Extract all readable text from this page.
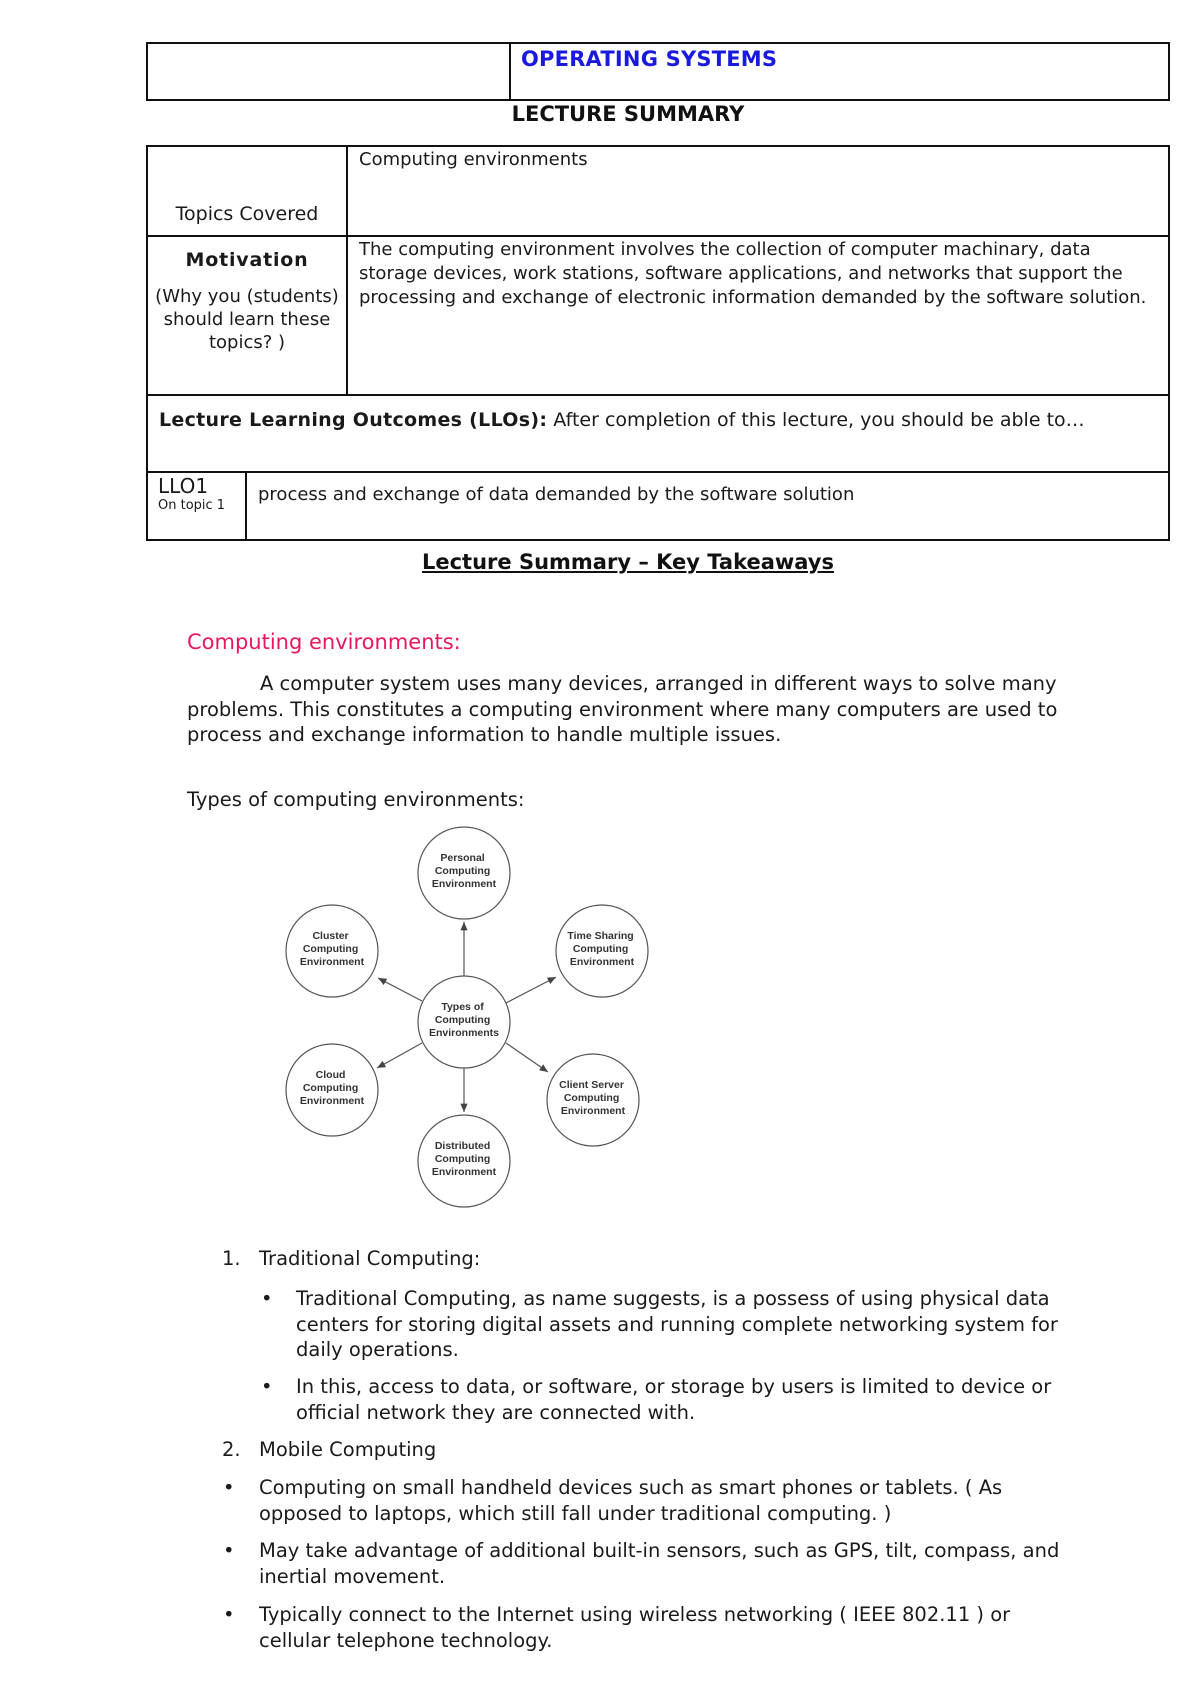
OPERATING SYSTEMS
LECTURE SUMMARY
Topics Covered
Computing environments
Motivation
(Why you (students) should learn these topics? )
The computing environment involves the collection of computer machinary, data storage devices, work stations, software applications, and networks that support the processing and exchange of electronic information demanded by the software solution.
Lecture Learning Outcomes (LLOs): After completion of this lecture, you should be able to…
LLO1
On topic 1
process and exchange of data demanded by the software solution
Lecture Summary – Key Takeaways
Computing environments:
A computer system uses many devices, arranged in different ways to solve many problems. This constitutes a computing environment where many computers are used to process and exchange information to handle multiple issues.
Types of computing environments:
Personal Computing Environment
Time Sharing Computing Environment
Client Server Computing Environment
Distributed Computing Environment
Cloud Computing Environment
Cluster Computing Environment
Types of Computing Environments
1. Traditional Computing:
• Traditional Computing, as name suggests, is a possess of using physical data centers for storing digital assets and running complete networking system for daily operations.
• In this, access to data, or software, or storage by users is limited to device or official network they are connected with.
2. Mobile Computing
• Computing on small handheld devices such as smart phones or tablets. ( As opposed to laptops, which still fall under traditional computing. )
• May take advantage of additional built-in sensors, such as GPS, tilt, compass, and inertial movement.
• Typically connect to the Internet using wireless networking ( IEEE 802.11 ) or cellular telephone technology.
